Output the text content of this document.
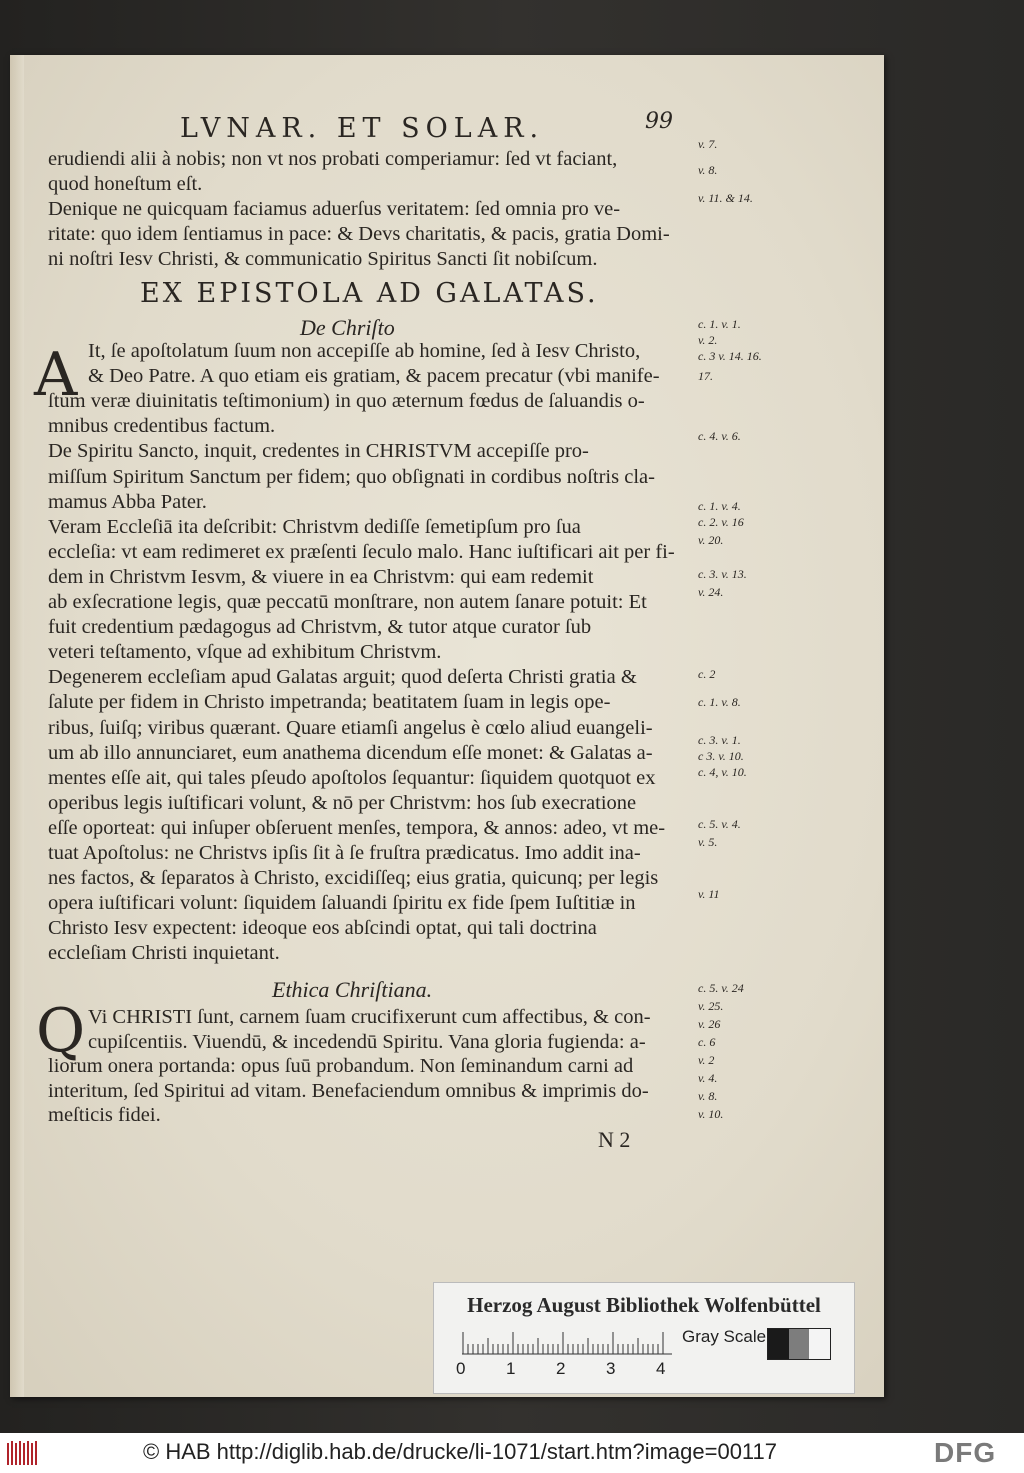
LVNAR. ET SOLAR.	99
erudiendi alii à nobis; non vt nos probati comperiamur: ſed vt faciant,
quod honeſtum eſt.
Denique ne quicquam faciamus aduerſus veritatem: ſed omnia pro ve-
ritate: quo idem ſentiamus in pace: & Devs charitatis, & pacis, gratia Domi-
ni noſtri Iesv Christi, & communicatio Spiritus Sancti ſit nobiſcum.
EX EPISTOLA AD GALATAS.
De Chriſto
A It, ſe apoſtolatum ſuum non accepiſſe ab homine, ſed à Iesv Christo,
& Deo Patre. A quo etiam eis gratiam, & pacem precatur (vbi manife-
ſtum veræ diuinitatis teſtimonium) in quo æternum fœdus de ſaluandis o-
mnibus credentibus factum.
De Spiritu Sancto, inquit, credentes in CHRISTVM accepiſſe pro-
miſſum Spiritum Sanctum per fidem; quo obſignati in cordibus noſtris cla-
mamus Abba Pater.
Veram Eccleſiā ita deſcribit: Christvm dediſſe ſemetipſum pro ſua
eccleſia: vt eam redimeret ex præſenti ſeculo malo. Hanc iuſtificari ait per fi-
dem in Christvm Iesvm, & viuere in ea Christvm: qui eam redemit
ab exſecratione legis, quæ peccatū monſtrare, non autem ſanare potuit: Et
fuit credentium pædagogus ad Christvm, & tutor atque curator ſub
veteri teſtamento, vſque ad exhibitum Christvm.
Degenerem eccleſiam apud Galatas arguit; quod deſerta Christi gratia &
ſalute per fidem in Christo impetranda; beatitatem ſuam in legis ope-
ribus, ſuiſq; viribus quærant. Quare etiamſi angelus è cœlo aliud euangeli-
um ab illo annunciaret, eum anathema dicendum eſſe monet: & Galatas a-
mentes eſſe ait, qui tales pſeudo apoſtolos ſequantur: ſiquidem quotquot ex
operibus legis iuſtificari volunt, & nō per Christvm: hos ſub execratione
eſſe oporteat: qui inſuper obſeruent menſes, tempora, & annos: adeo, vt me-
tuat Apoſtolus: ne Christvs ipſis ſit à ſe fruſtra prædicatus. Imo addit ina-
nes factos, & ſeparatos à Christo, excidiſſeq; eius gratia, quicunq; per legis
opera iuſtificari volunt: ſiquidem ſaluandi ſpiritu ex fide ſpem Iuſtitiæ in
Christo Iesv expectent: ideoque eos abſcindi optat, qui tali doctrina
eccleſiam Christi inquietant.
Ethica Chriſtiana.
Q Vi CHRISTI ſunt, carnem ſuam crucifixerunt cum affectibus, & con-
cupiſcentiis. Viuendū, & incedendū Spiritu. Vana gloria fugienda: a-
liorum onera portanda: opus ſuū probandum. Non ſeminandum carni ad
interitum, ſed Spiritui ad vitam. Benefaciendum omnibus & imprimis do-
meſticis fidei.
N 2
v. 7.
v. 8.
v. 11. & 14.
c. 1. v. 1.
v. 2.
c. 3 v. 14. 16.
17.
c. 4. v. 6.
c. 1. v. 4.
c. 2. v. 16
v. 20.
c. 3. v. 13.
v. 24.
c. 2
c. 1. v. 8.
c. 3. v. 1.
c 3. v. 10.
c. 4, v. 10.
c. 5. v. 4.
v. 5.
v. 11
c. 5. v. 24
v. 25.
v. 26
c. 6
v. 2
v. 4.
v. 8.
v. 10.
Herzog August Bibliothek Wolfenbüttel
0 1 2 3 4
Gray Scale
© HAB http://diglib.hab.de/drucke/li-1071/start.htm?image=00117	DFG
